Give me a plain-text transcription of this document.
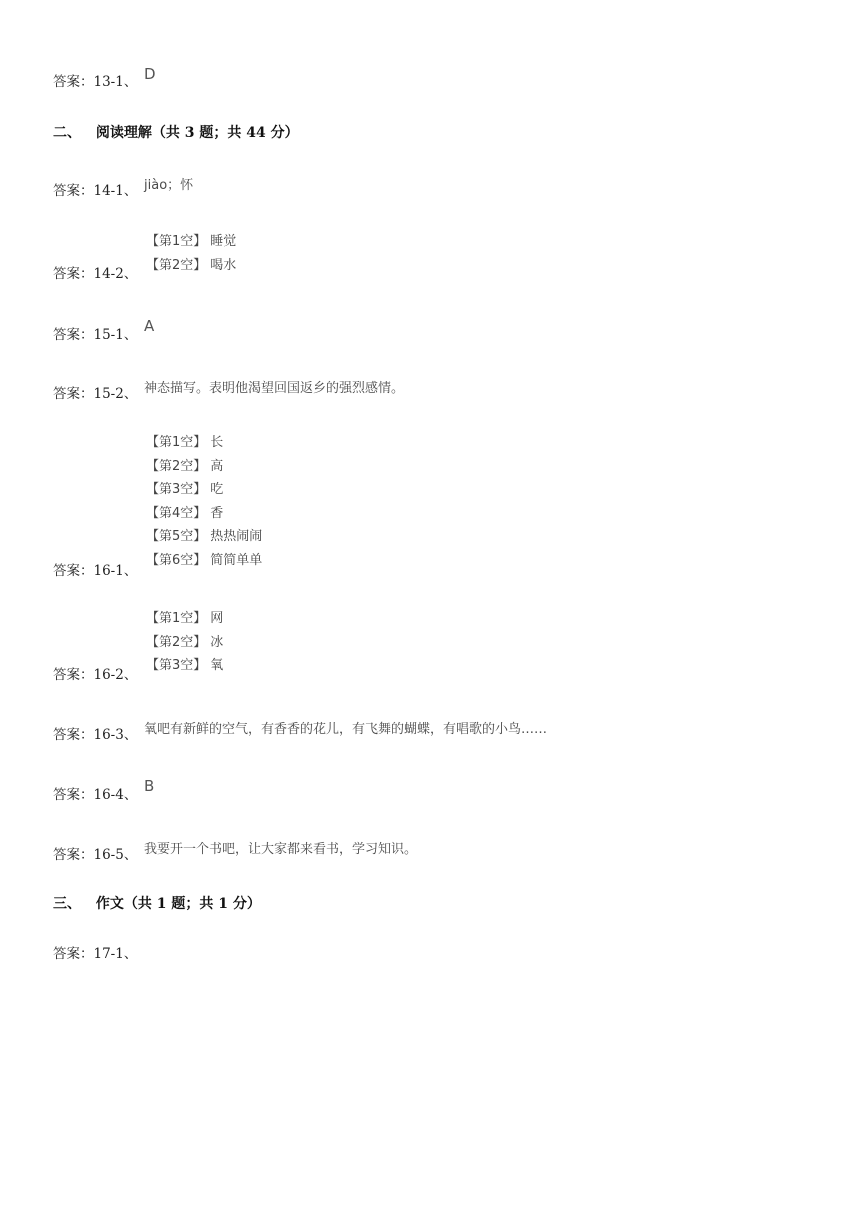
答案：13-1、 D
二、 阅读理解（共 3 题；共 44 分）
答案：14-1、 jiào；怀
【第1空】 睡觉
【第2空】 喝水
答案：14-2、
答案：15-1、 A
答案：15-2、 神态描写。表明他渴望回国返乡的强烈感情。
【第1空】 长
【第2空】 高
【第3空】 吃
【第4空】 香
【第5空】 热热闹闹
【第6空】 简简单单
答案：16-1、
【第1空】 网
【第2空】 冰
【第3空】 氧
答案：16-2、
答案：16-3、 氧吧有新鲜的空气，有香香的花儿，有飞舞的蝴蝶，有唱歌的小鸟……
答案：16-4、 B
答案：16-5、 我要开一个书吧，让大家都来看书，学习知识。
三、 作文（共 1 题；共 1 分）
答案：17-1、
